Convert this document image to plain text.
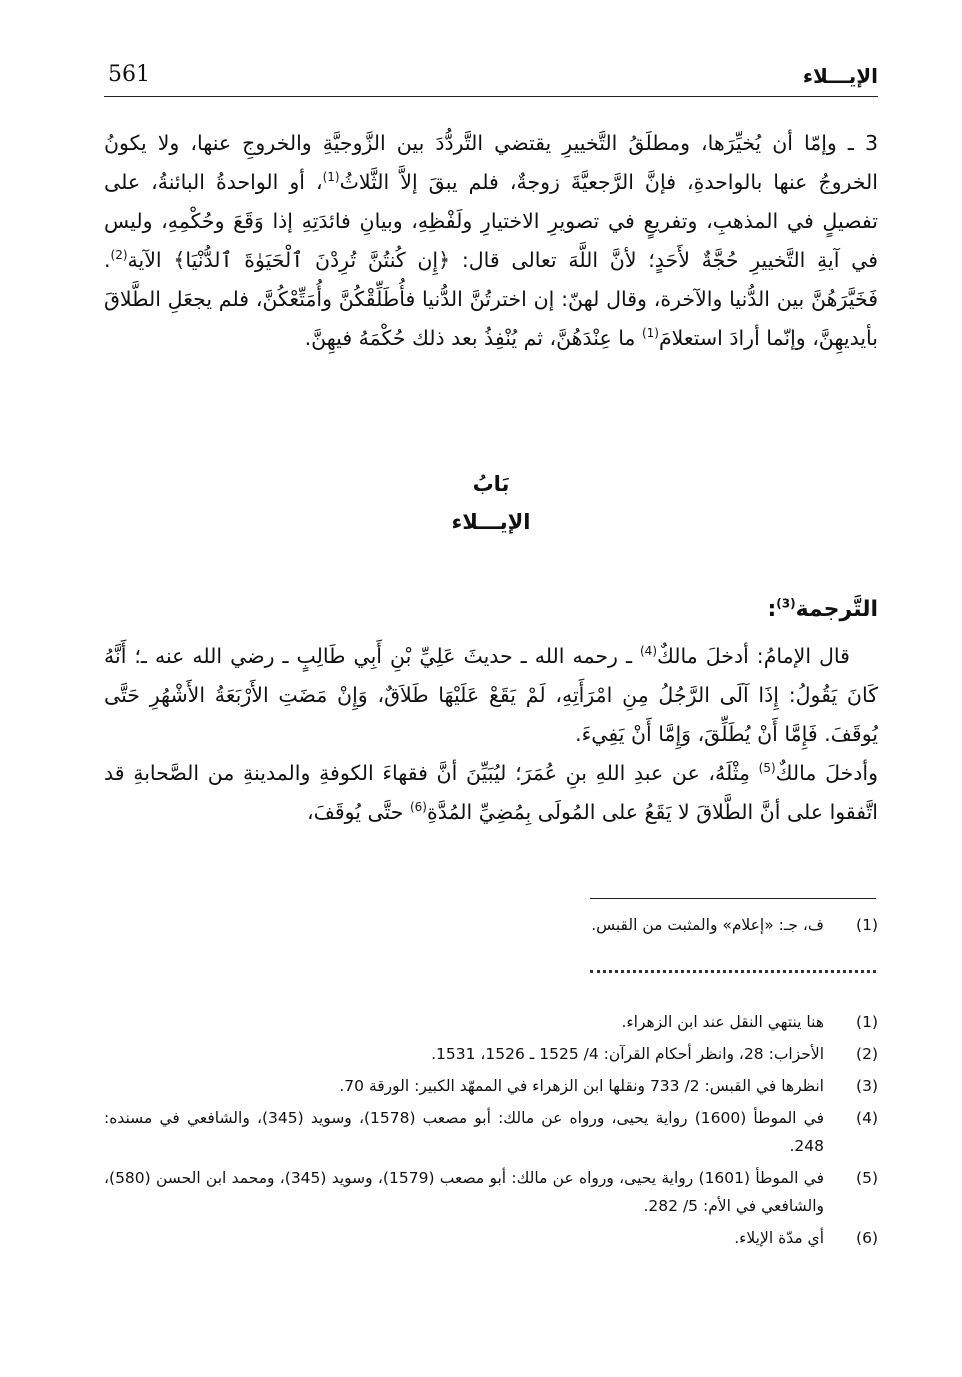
561	الإيـــلاء

3 ـ وإمّا أن يُخيِّرَها، ومطلَقُ التَّخييرِ يقتضي التَّردُّدَ بين الزَّوجيَّةِ والخروجِ عنها، ولا يكونُ الخروجُ عنها بالواحدةِ، فإنَّ الرَّجعيَّةَ زوجةٌ، فلم يبقَ إلاَّ الثَّلاثُ$^{(1)}$، أو الواحدةُ البائنةُ، على تفصيلٍ في المذهبِ، وتفريعٍ في تصويرِ الاختيارِ ولَفْظِهِ، وبيانِ فائدَتِهِ إذا وَقَعَ وحُكْمِهِ، وليس في آيةِ التَّخييرِ حُجَّةٌ لأَحَدٍ؛ لأنَّ اللَّهَ تعالى قال: ﴿إِن كُنتُنَّ تُرِدْنَ ٱلْحَيَوٰةَ ٱلدُّنْيَا﴾ الآية$^{(2)}$. فَخَيَّرَهُنَّ بين الدُّنيا والآخرة، وقال لهنّ: إن اخترتُنَّ الدُّنيا فأُطَلِّقْكُنَّ وأُمَتِّعْكُنَّ، فلم يجعَلِ الطَّلاقَ بأيديهِنَّ، وإنّما أرادَ استعلامَ$^{(1)}$ ما عِنْدَهُنَّ، ثم يُنْفِذُ بعد ذلك حُكْمَهُ فيهِنَّ.

بَابُ
الإيـــلاء
التَّرجمة$^{(3)}$:

قال الإمامُ: أدخلَ مالكٌ$^{(4)}$ ـ رحمه الله ـ حديثَ عَلِيِّ بْنِ أَبِي طَالِبٍ ـ رضي الله عنه ـ؛ أَنَّهُ كَانَ يَقُولُ: إِذَا آلَى الرَّجُلُ مِنِ امْرَأَتِهِ، لَمْ يَقَعْ عَلَيْهَا طَلاَقٌ، وَإِنْ مَضَتِ الأَرْبَعَةُ الأَشْهُرِ حَتَّى يُوقَفَ. فَإِمَّا أَنْ يُطَلِّقَ، وَإِمَّا أَنْ يَفِيءَ.

وأدخلَ مالكٌ$^{(5)}$ مِثْلَهُ، عن عبدِ اللهِ بنِ عُمَرَ؛ ليُبَيِّنَ أنَّ فقهاءَ الكوفةِ والمدينةِ من الصَّحابةِ قد اتَّفقوا على أنَّ الطَّلاقَ لا يَقَعُ على المُولَى بِمُضِيِّ المُدَّةِ$^{(6)}$ حتَّى يُوقَفَ،

(1)
ف، جـ: «إعلام» والمثبت من القبس.
(1)
هنا ينتهي النقل عند ابن الزهراء.
(2)
الأحزاب: 28، وانظر أحكام القرآن: 4/ 1525 ـ 1526، 1531.
(3)
انظرها في القبس: 2/ 733 ونقلها ابن الزهراء في الممهّد الكبير: الورقة 70.
(4)
في الموطأ (1600) رواية يحيى، ورواه عن مالك: أبو مصعب (1578)، وسويد (345)، والشافعي في مسنده: 248.
(5)
في الموطأ (1601) رواية يحيى، ورواه عن مالك: أبو مصعب (1579)، وسويد (345)، ومحمد ابن الحسن (580)، والشافعي في الأم: 5/ 282.
(6)
أي مدّة الإيلاء.
